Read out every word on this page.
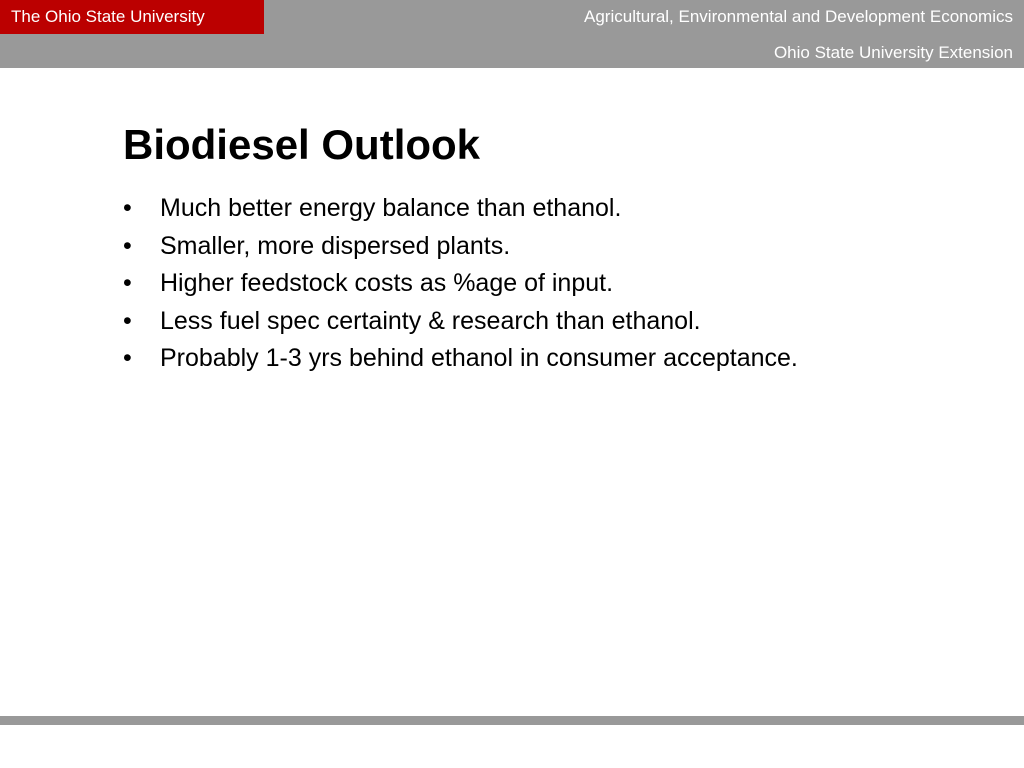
The Ohio State University	Agricultural, Environmental and Development Economics
Ohio State University Extension
Biodiesel Outlook
• Much better energy balance than ethanol.
• Smaller, more dispersed plants.
• Higher feedstock costs as %age of input.
• Less fuel spec certainty & research than ethanol.
• Probably 1-3 yrs behind ethanol in consumer acceptance.
